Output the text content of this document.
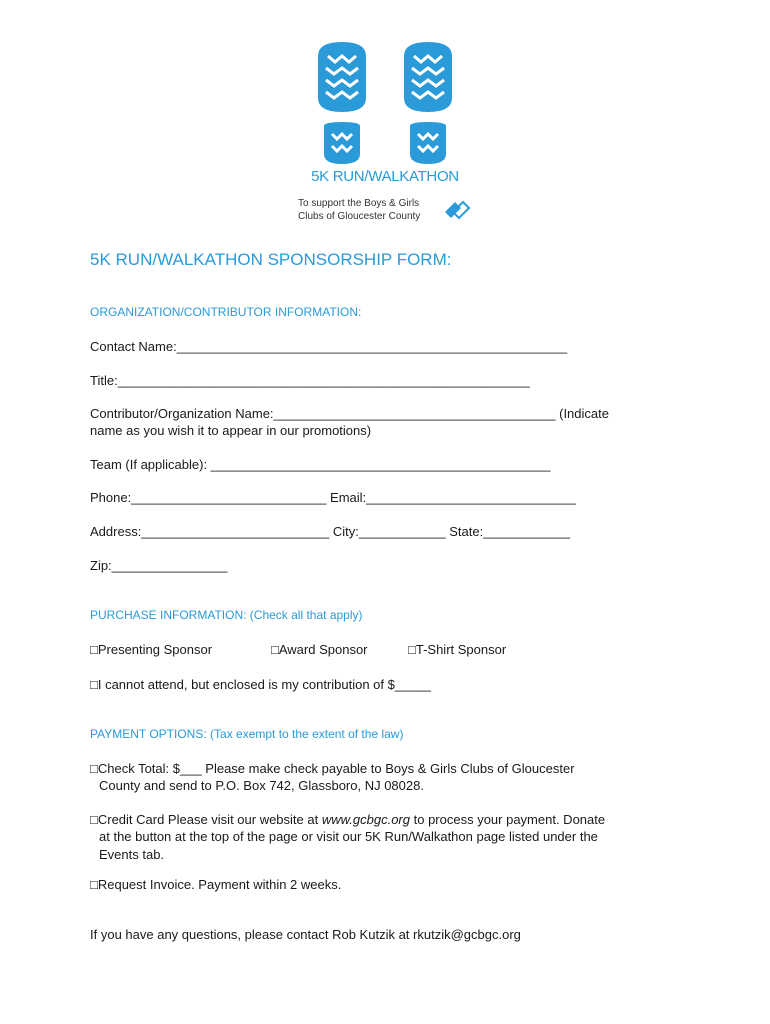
5K RUN/WALKATHON
To support the Boys & Girls
Clubs of Gloucester County
5K RUN/WALKATHON SPONSORSHIP FORM:
ORGANIZATION/CONTRIBUTOR INFORMATION:
Contact Name:______________________________________________________
Title:_________________________________________________________
Contributor/Organization Name:_______________________________________ (Indicate
name as you wish it to appear in our promotions)
Team (If applicable): _______________________________________________
Phone:___________________________ Email:_____________________________
Address:__________________________ City:____________ State:____________
Zip:________________
PURCHASE INFORMATION: (Check all that apply)
□Presenting Sponsor	□Award Sponsor	□T-Shirt Sponsor
□I cannot attend, but enclosed is my contribution of $_____
PAYMENT OPTIONS: (Tax exempt to the extent of the law)
□Check Total: $___ Please make check payable to Boys & Girls Clubs of Gloucester
County and send to P.O. Box 742, Glassboro, NJ 08028.
□Credit Card Please visit our website at www.gcbgc.org to process your payment. Donate
at the button at the top of the page or visit our 5K Run/Walkathon page listed under the
Events tab.
□Request Invoice. Payment within 2 weeks.
If you have any questions, please contact Rob Kutzik at rkutzik@gcbgc.org
